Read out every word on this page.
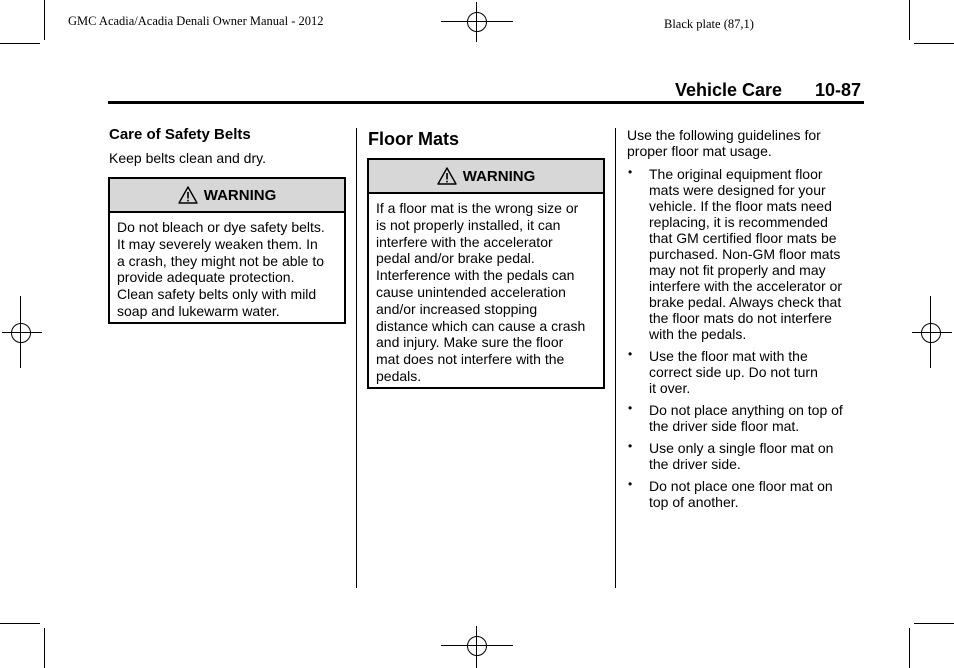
GMC Acadia/Acadia Denali Owner Manual - 2012	Black plate (87,1)
Vehicle Care 10-87
Care of Safety Belts
Keep belts clean and dry.
WARNING
Do not bleach or dye safety belts.
It may severely weaken them. In
a crash, they might not be able to
provide adequate protection.
Clean safety belts only with mild
soap and lukewarm water.
Floor Mats
WARNING
If a floor mat is the wrong size or
is not properly installed, it can
interfere with the accelerator
pedal and/or brake pedal.
Interference with the pedals can
cause unintended acceleration
and/or increased stopping
distance which can cause a crash
and injury. Make sure the floor
mat does not interfere with the
pedals.
Use the following guidelines for
proper floor mat usage.
• The original equipment floor
mats were designed for your
vehicle. If the floor mats need
replacing, it is recommended
that GM certified floor mats be
purchased. Non-GM floor mats
may not fit properly and may
interfere with the accelerator or
brake pedal. Always check that
the floor mats do not interfere
with the pedals.
• Use the floor mat with the
correct side up. Do not turn
it over.
• Do not place anything on top of
the driver side floor mat.
• Use only a single floor mat on
the driver side.
• Do not place one floor mat on
top of another.
